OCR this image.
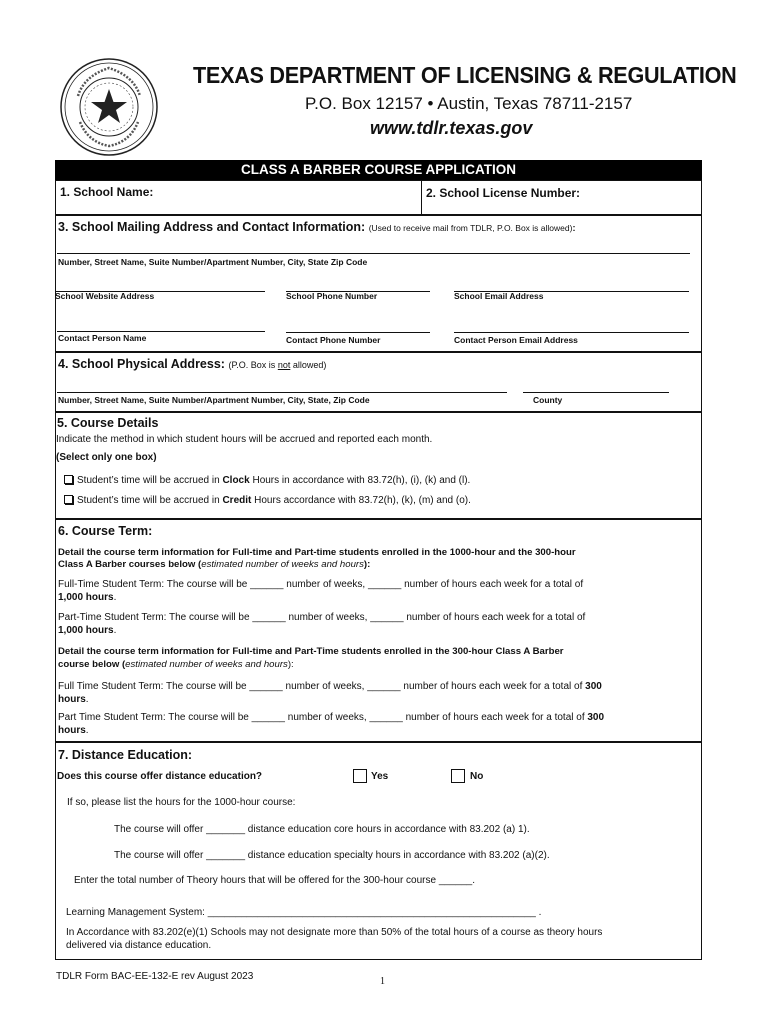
TEXAS DEPARTMENT OF LICENSING & REGULATION
P.O. Box 12157 • Austin, Texas 78711-2157
www.tdlr.texas.gov
CLASS A BARBER COURSE APPLICATION
1. School Name:	2. School License Number:
3. School Mailing Address and Contact Information: (Used to receive mail from TDLR, P.O. Box is allowed):
Number, Street Name, Suite Number/Apartment Number, City, State Zip Code
School Website Address	School Phone Number	School Email Address
Contact Person Name	Contact Phone Number	Contact Person Email Address
4. School Physical Address: (P.O. Box is not allowed)
Number, Street Name, Suite Number/Apartment Number, City, State, Zip Code	County
5. Course Details
Indicate the method in which student hours will be accrued and reported each month.
(Select only one box)
Student’s time will be accrued in Clock Hours in accordance with 83.72(h), (i), (k) and (l).
Student’s time will be accrued in Credit Hours accordance with 83.72(h), (k), (m) and (o).
6. Course Term:
Detail the course term information for Full-time and Part-time students enrolled in the 1000-hour and the 300-hour
Class A Barber courses below (estimated number of weeks and hours):
Full-Time Student Term: The course will be ______ number of weeks, ______ number of hours each week for a total of
1,000 hours.
Part-Time Student Term: The course will be ______ number of weeks, ______ number of hours each week for a total of
1,000 hours.
Detail the course term information for Full-time and Part-Time students enrolled in the 300-hour Class A Barber
course below (estimated number of weeks and hours):
Full Time Student Term: The course will be ______ number of weeks, ______ number of hours each week for a total of 300
hours.
Part Time Student Term: The course will be ______ number of weeks, ______ number of hours each week for a total of 300
hours.
7. Distance Education:
Does this course offer distance education?	Yes	No
If so, please list the hours for the 1000-hour course:
The course will offer _______ distance education core hours in accordance with 83.202 (a) 1).
The course will offer _______ distance education specialty hours in accordance with 83.202 (a)(2).
Enter the total number of Theory hours that will be offered for the 300-hour course ______.
Learning Management System: ___________________________________________________________ .
In Accordance with 83.202(e)(1) Schools may not designate more than 50% of the total hours of a course as theory hours
delivered via distance education.
TDLR Form BAC-EE-132-E rev August 2023	1
